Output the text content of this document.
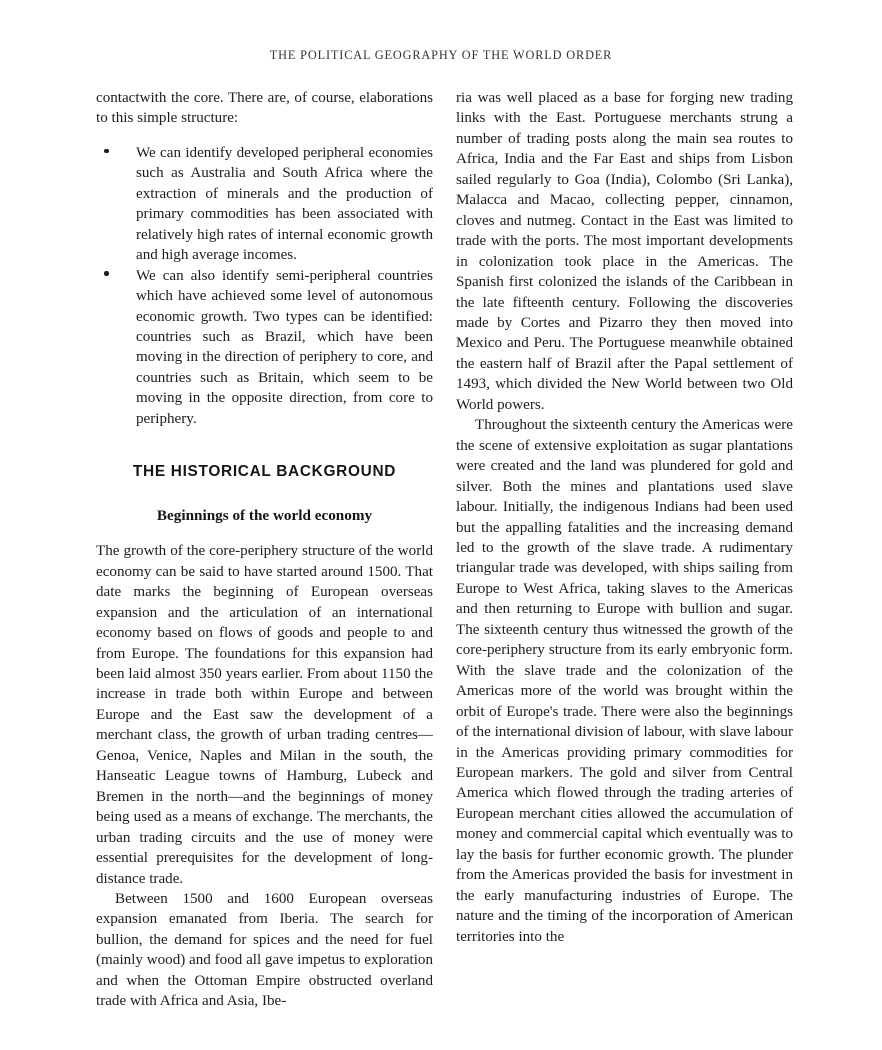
THE POLITICAL GEOGRAPHY OF THE WORLD ORDER

contactwith the core. There are, of course, elaborations to this simple structure:

We can identify developed peripheral economies such as Australia and South Africa where the extraction of minerals and the production of primary commodities has been associated with relatively high rates of internal economic growth and high average incomes.
We can also identify semi-peripheral countries which have achieved some level of autonomous economic growth. Two types can be identified: countries such as Brazil, which have been moving in the direction of periphery to core, and countries such as Britain, which seem to be moving in the opposite direction, from core to periphery.
THE HISTORICAL BACKGROUND
Beginnings of the world economy

The growth of the core-periphery structure of the world economy can be said to have started around 1500. That date marks the beginning of European overseas expansion and the articulation of an international economy based on flows of goods and people to and from Europe. The foundations for this expansion had been laid almost 350 years earlier. From about 1150 the increase in trade both within Europe and between Europe and the East saw the development of a merchant class, the growth of urban trading centres—Genoa, Venice, Naples and Milan in the south, the Hanseatic League towns of Hamburg, Lubeck and Bremen in the north—and the beginnings of money being used as a means of exchange. The merchants, the urban trading circuits and the use of money were essential prerequisites for the development of long-distance trade.

Between 1500 and 1600 European overseas expansion emanated from Iberia. The search for bullion, the demand for spices and the need for fuel (mainly wood) and food all gave impetus to exploration and when the Ottoman Empire obstructed overland trade with Africa and Asia, Ibe-

ria was well placed as a base for forging new trading links with the East. Portuguese merchants strung a number of trading posts along the main sea routes to Africa, India and the Far East and ships from Lisbon sailed regularly to Goa (India), Colombo (Sri Lanka), Malacca and Macao, collecting pepper, cinnamon, cloves and nutmeg. Contact in the East was limited to trade with the ports. The most important developments in colonization took place in the Americas. The Spanish first colonized the islands of the Caribbean in the late fifteenth century. Following the discoveries made by Cortes and Pizarro they then moved into Mexico and Peru. The Portuguese meanwhile obtained the eastern half of Brazil after the Papal settlement of 1493, which divided the New World between two Old World powers.

Throughout the sixteenth century the Americas were the scene of extensive exploitation as sugar plantations were created and the land was plundered for gold and silver. Both the mines and plantations used slave labour. Initially, the indigenous Indians had been used but the appalling fatalities and the increasing demand led to the growth of the slave trade. A rudimentary triangular trade was developed, with ships sailing from Europe to West Africa, taking slaves to the Americas and then returning to Europe with bullion and sugar. The sixteenth century thus witnessed the growth of the core-periphery structure from its early embryonic form. With the slave trade and the colonization of the Americas more of the world was brought within the orbit of Europe's trade. There were also the beginnings of the international division of labour, with slave labour in the Americas providing primary commodities for European markers. The gold and silver from Central America which flowed through the trading arteries of European merchant cities allowed the accumulation of money and commercial capital which eventually was to lay the basis for further economic growth. The plunder from the Americas provided the basis for investment in the early manufacturing industries of Europe. The nature and the timing of the incorporation of American territories into the
